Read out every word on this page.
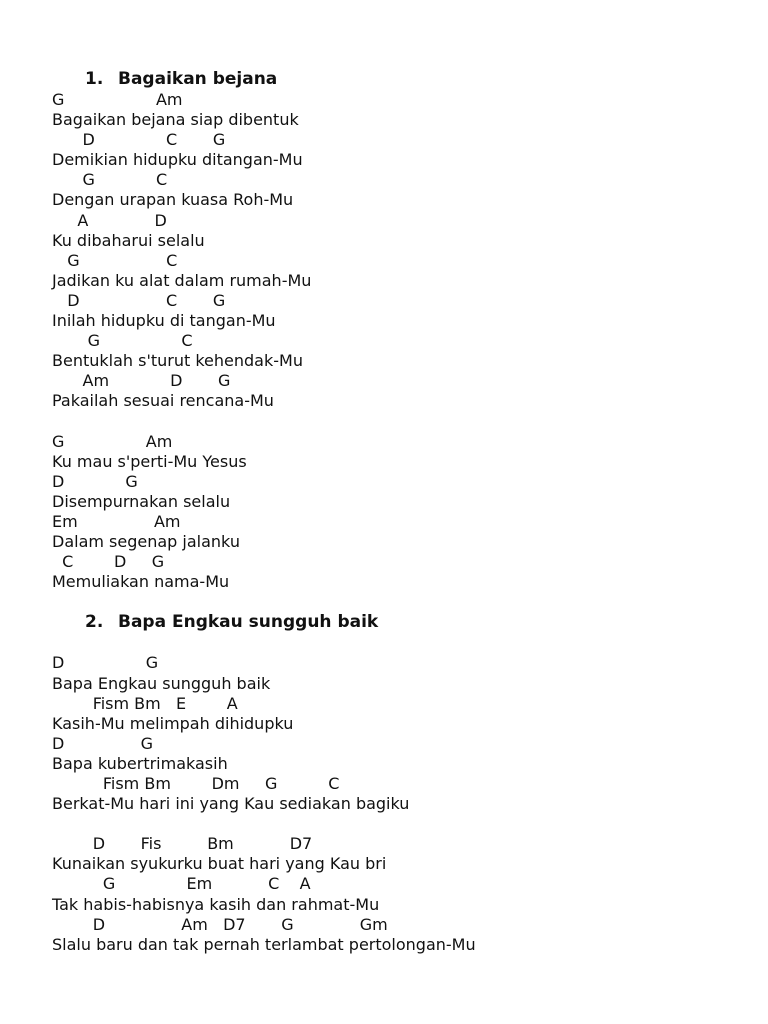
1. Bagaikan bejana
G                  Am
Bagaikan bejana siap dibentuk
D              C       G
Demikian hidupku ditangan-Mu
G            C
Dengan urapan kuasa Roh-Mu
A             D
Ku dibaharui selalu
G                 C
Jadikan ku alat dalam rumah-Mu
D                 C       G
Inilah hidupku di tangan-Mu
G                C
Bentuklah s'turut kehendak-Mu
Am            D       G
Pakailah sesuai rencana-Mu
G                Am
Ku mau s'perti-Mu Yesus
D            G
Disempurnakan selalu
Em               Am
Dalam segenap jalanku
C        D     G
Memuliakan nama-Mu
2. Bapa Engkau sungguh baik
D                G
Bapa Engkau sungguh baik
Fism Bm   E        A
Kasih-Mu melimpah dihidupku
D               G
Bapa kubertrimakasih
Fism Bm        Dm     G          C
Berkat-Mu hari ini yang Kau sediakan bagiku
D       Fis         Bm           D7
Kunaikan syukurku buat hari yang Kau bri
G              Em           C    A
Tak habis-habisnya kasih dan rahmat-Mu
D               Am   D7       G             Gm
Slalu baru dan tak pernah terlambat pertolongan-Mu
